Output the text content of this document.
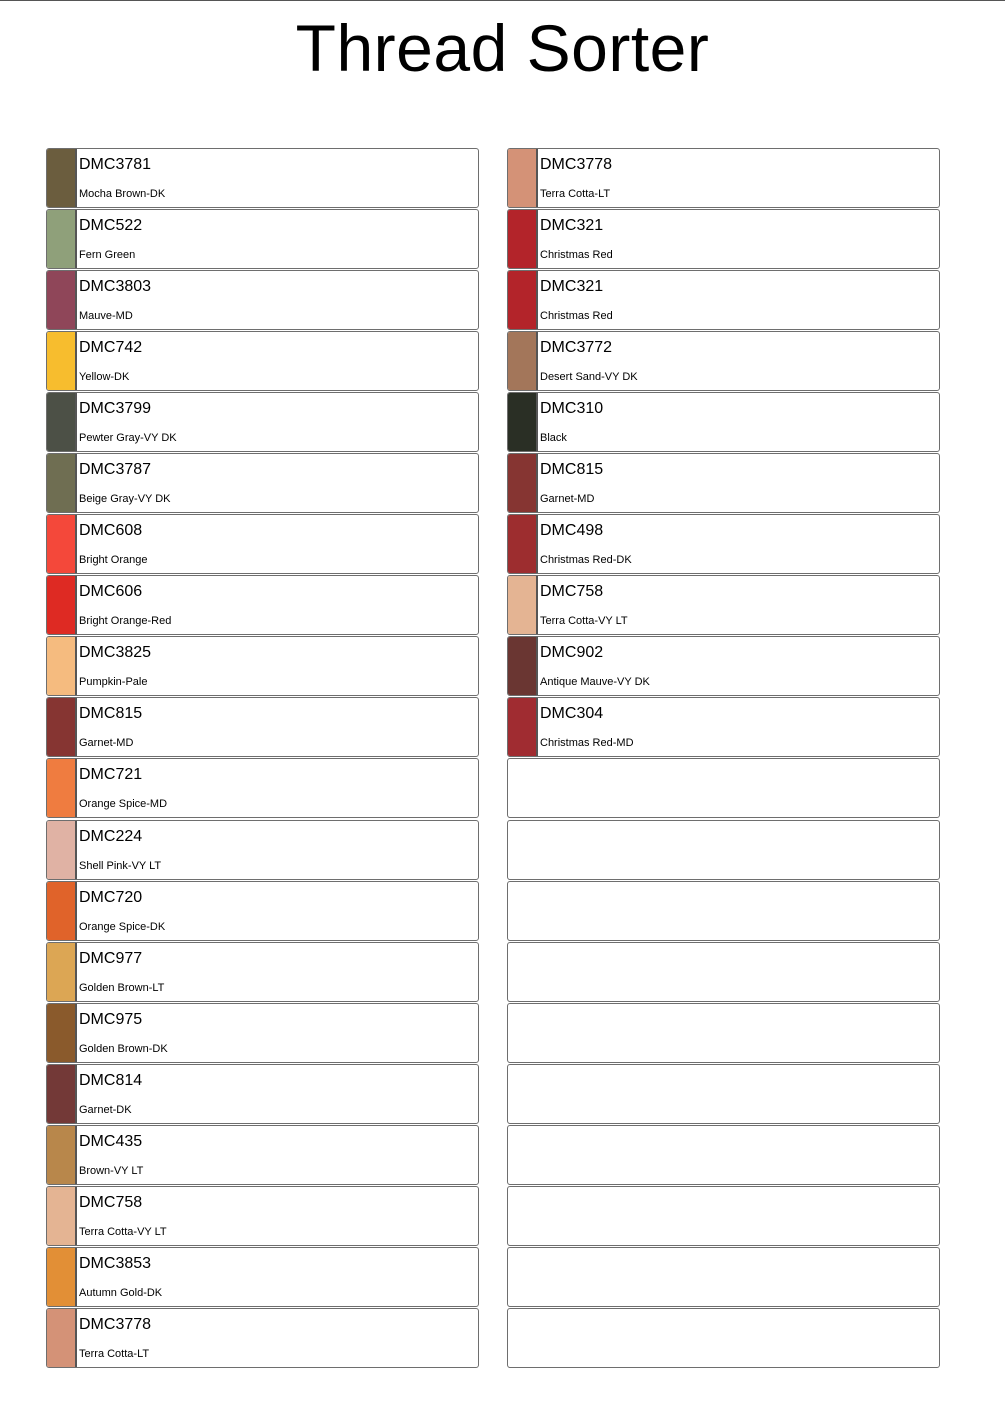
Thread Sorter
DMC3781
Mocha Brown-DK
DMC522
Fern Green
DMC3803
Mauve-MD
DMC742
Yellow-DK
DMC3799
Pewter Gray-VY DK
DMC3787
Beige Gray-VY DK
DMC608
Bright Orange
DMC606
Bright Orange-Red
DMC3825
Pumpkin-Pale
DMC815
Garnet-MD
DMC721
Orange Spice-MD
DMC224
Shell Pink-VY LT
DMC720
Orange Spice-DK
DMC977
Golden Brown-LT
DMC975
Golden Brown-DK
DMC814
Garnet-DK
DMC435
Brown-VY LT
DMC758
Terra Cotta-VY LT
DMC3853
Autumn Gold-DK
DMC3778
Terra Cotta-LT
DMC3778
Terra Cotta-LT
DMC321
Christmas Red
DMC321
Christmas Red
DMC3772
Desert Sand-VY DK
DMC310
Black
DMC815
Garnet-MD
DMC498
Christmas Red-DK
DMC758
Terra Cotta-VY LT
DMC902
Antique Mauve-VY DK
DMC304
Christmas Red-MD
